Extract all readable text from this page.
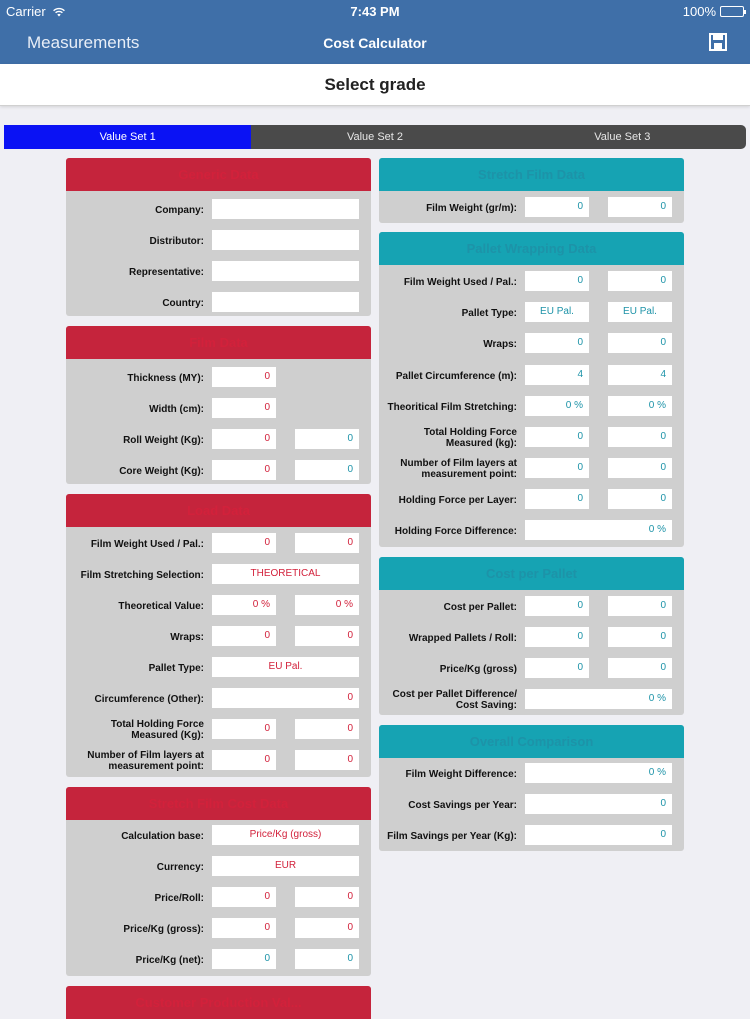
Carrier	7:43 PM	100%
Measurements	Cost Calculator
Select grade
Value Set 1	Value Set 2	Value Set 3
Generic Data
Company:
Distributor:
Representative:
Country:
Film Data
Thickness (MY):	0
Width (cm):	0
Roll Weight (Kg):	0	0
Core Weight (Kg):	0	0
Load Data
Film Weight Used / Pal.:	0	0
Film Stretching Selection:	THEORETICAL
Theoretical Value:	0 %	0 %
Wraps:	0	0
Pallet Type:	EU Pal.
Circumference (Other):	0
Total Holding Force Measured (Kg):
0	0
Number of Film layers at measurement point:
0	0
Stretch Film Cost Data
Calculation base:	Price/Kg (gross)
Currency:	EUR
Price/Roll:	0	0
Price/Kg (gross):	0	0
Price/Kg (net):	0	0
Customer Production Val...
Stretch Film Data
Film Weight (gr/m):	0	0
Pallet Wrapping Data
Film Weight Used / Pal.:	0	0
Pallet Type:	EU Pal.	EU Pal.
Wraps:	0	0
Pallet Circumference (m):	4	4
Theoritical Film Stretching:	0 %	0 %
Total Holding Force Measured (kg):
0	0
Number of Film layers at measurement point:
0	0
Holding Force per Layer:	0	0
Holding Force Difference:	0 %
Cost per Pallet
Cost per Pallet:	0	0
Wrapped Pallets / Roll:	0	0
Price/Kg (gross)	0	0
Cost per Pallet Difference/ Cost Saving:
0 %
Overall Comparison
Film Weight Difference:	0 %
Cost Savings per Year:	0
Film Savings per Year (Kg):	0
